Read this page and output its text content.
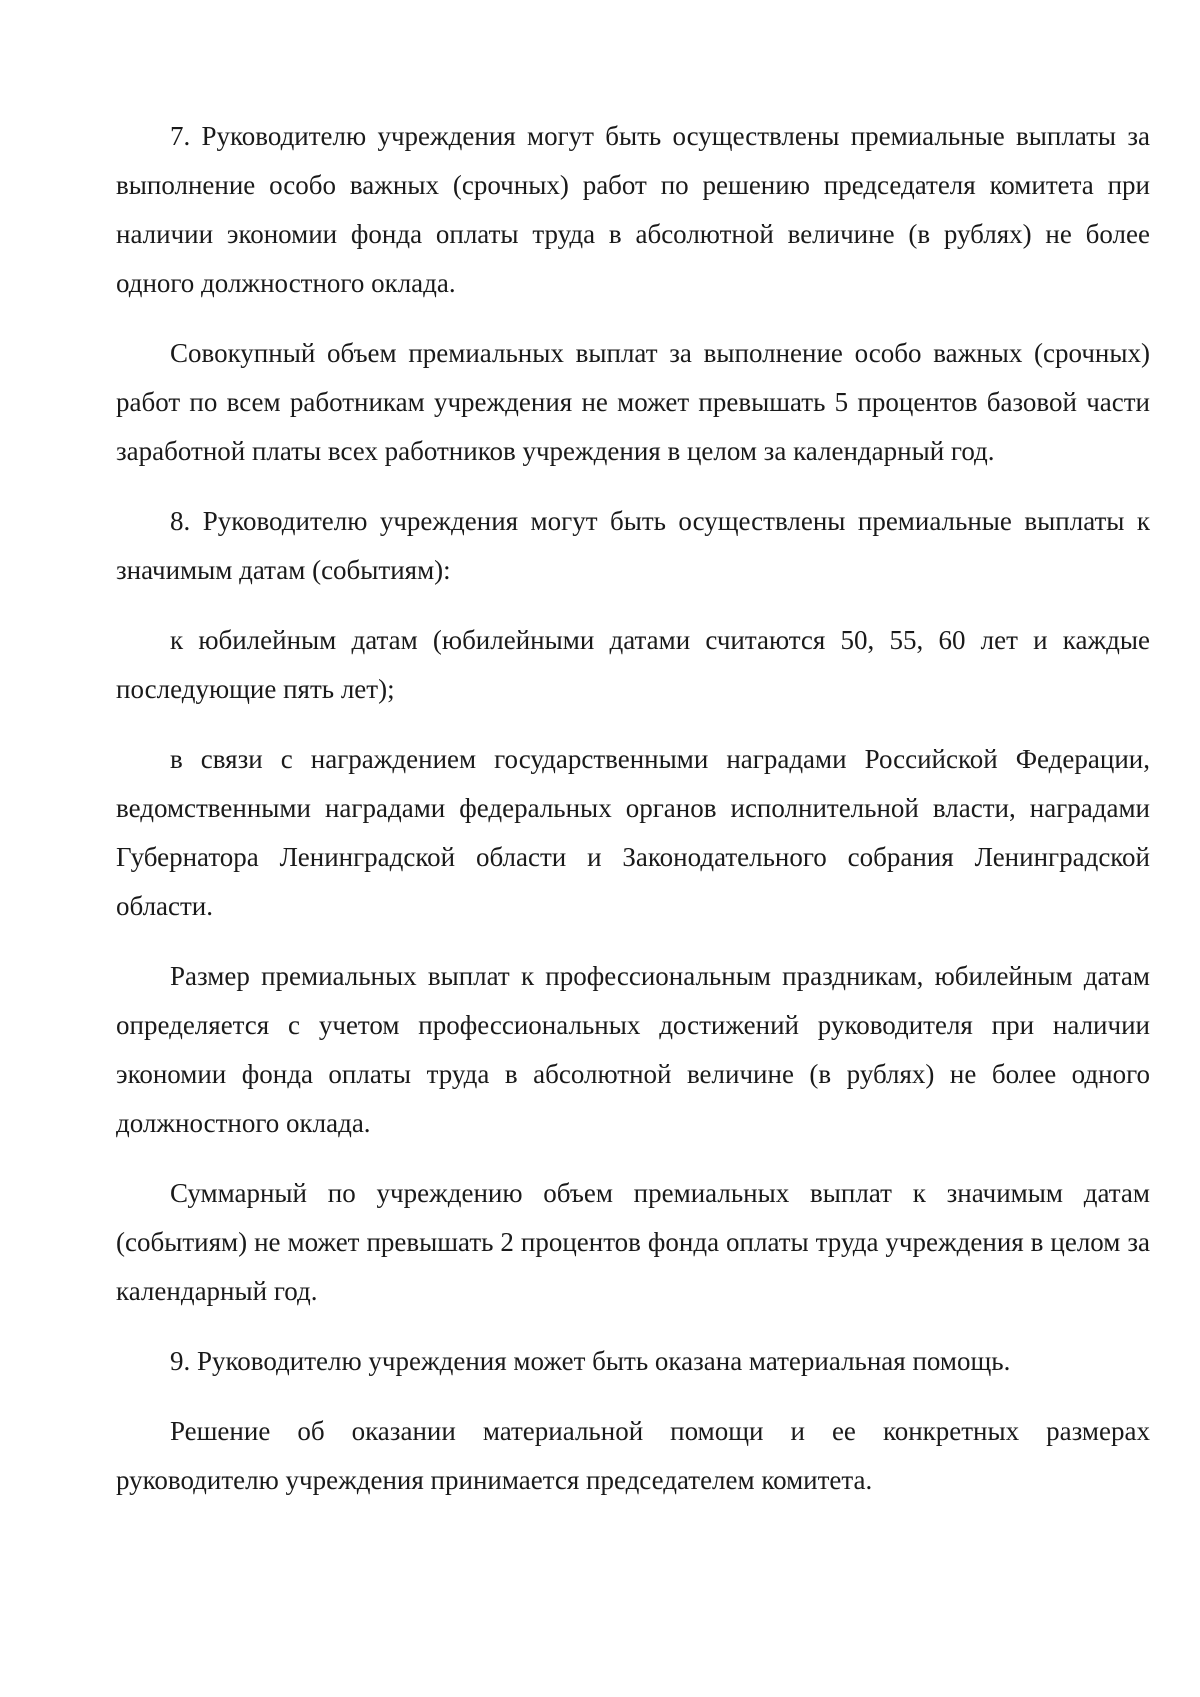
7. Руководителю учреждения могут быть осуществлены премиальные выплаты за выполнение особо важных (срочных) работ по решению председателя комитета при наличии экономии фонда оплаты труда в абсолютной величине (в рублях) не более одного должностного оклада.

Совокупный объем премиальных выплат за выполнение особо важных (срочных) работ по всем работникам учреждения не может превышать 5 процентов базовой части заработной платы всех работников учреждения в целом за календарный год.

8. Руководителю учреждения могут быть осуществлены премиальные выплаты к значимым датам (событиям):

к юбилейным датам (юбилейными датами считаются 50, 55, 60 лет и каждые последующие пять лет);

в связи с награждением государственными наградами Российской Федерации, ведомственными наградами федеральных органов исполнительной власти, наградами Губернатора Ленинградской области и Законодательного собрания Ленинградской области.

Размер премиальных выплат к профессиональным праздникам, юбилейным датам определяется с учетом профессиональных достижений руководителя при наличии экономии фонда оплаты труда в абсолютной величине (в рублях) не более одного должностного оклада.

Суммарный по учреждению объем премиальных выплат к значимым датам (событиям) не может превышать 2 процентов фонда оплаты труда учреждения в целом за календарный год.

9. Руководителю учреждения может быть оказана материальная помощь.

Решение об оказании материальной помощи и ее конкретных размерах руководителю учреждения принимается председателем комитета.
